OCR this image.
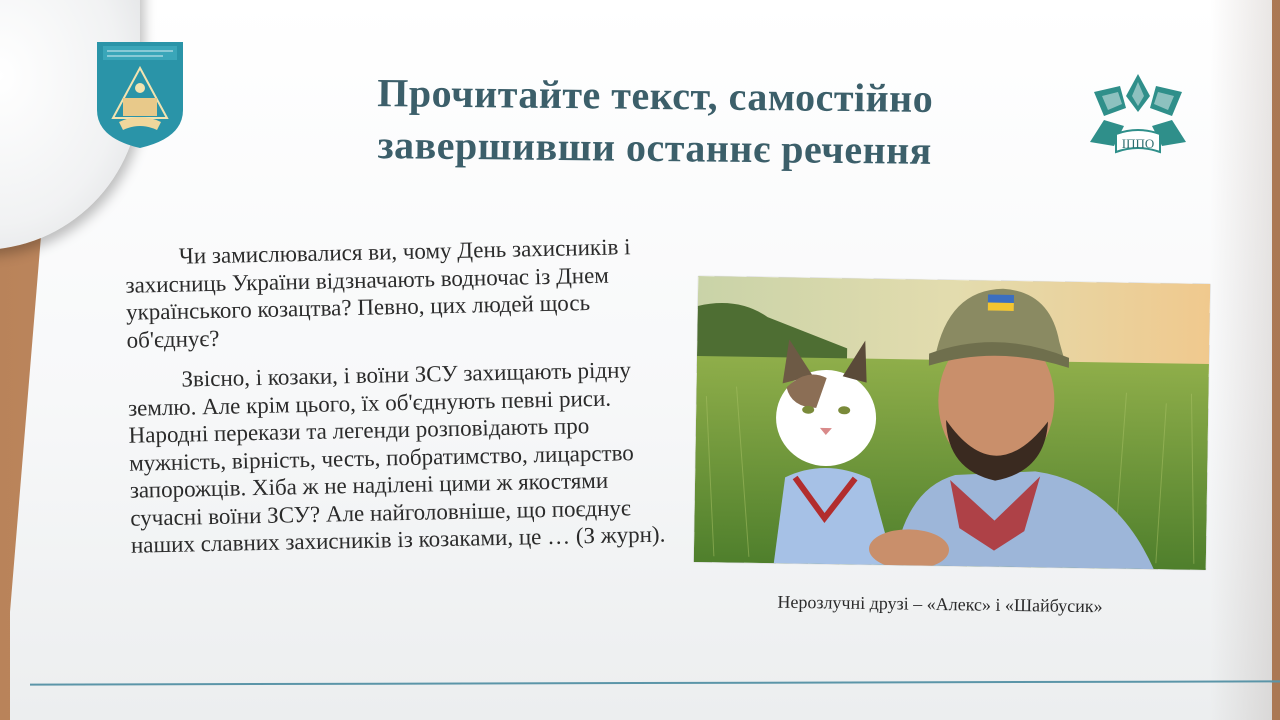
ІППО
Прочитайте текст, самостійно
завершивши останнє речення

Чи замислювалися ви, чому День захисників і захисниць України відзначають водночас із Днем українського козацтва? Певно, цих людей щось об'єднує?

Звісно, і козаки, і воїни ЗСУ захищають рідну землю. Але крім цього, їх об'єднують певні риси. Народні перекази та легенди розповідають про мужність, вірність, честь, побратимство, лицарство запорожців. Хіба ж не наділені цими ж якостями сучасні воїни ЗСУ? Але найголовніше, що поєднує наших славних захисників із козаками, це … (З журн).

Нерозлучні друзі – «Алекс» і «Шайбусик»
